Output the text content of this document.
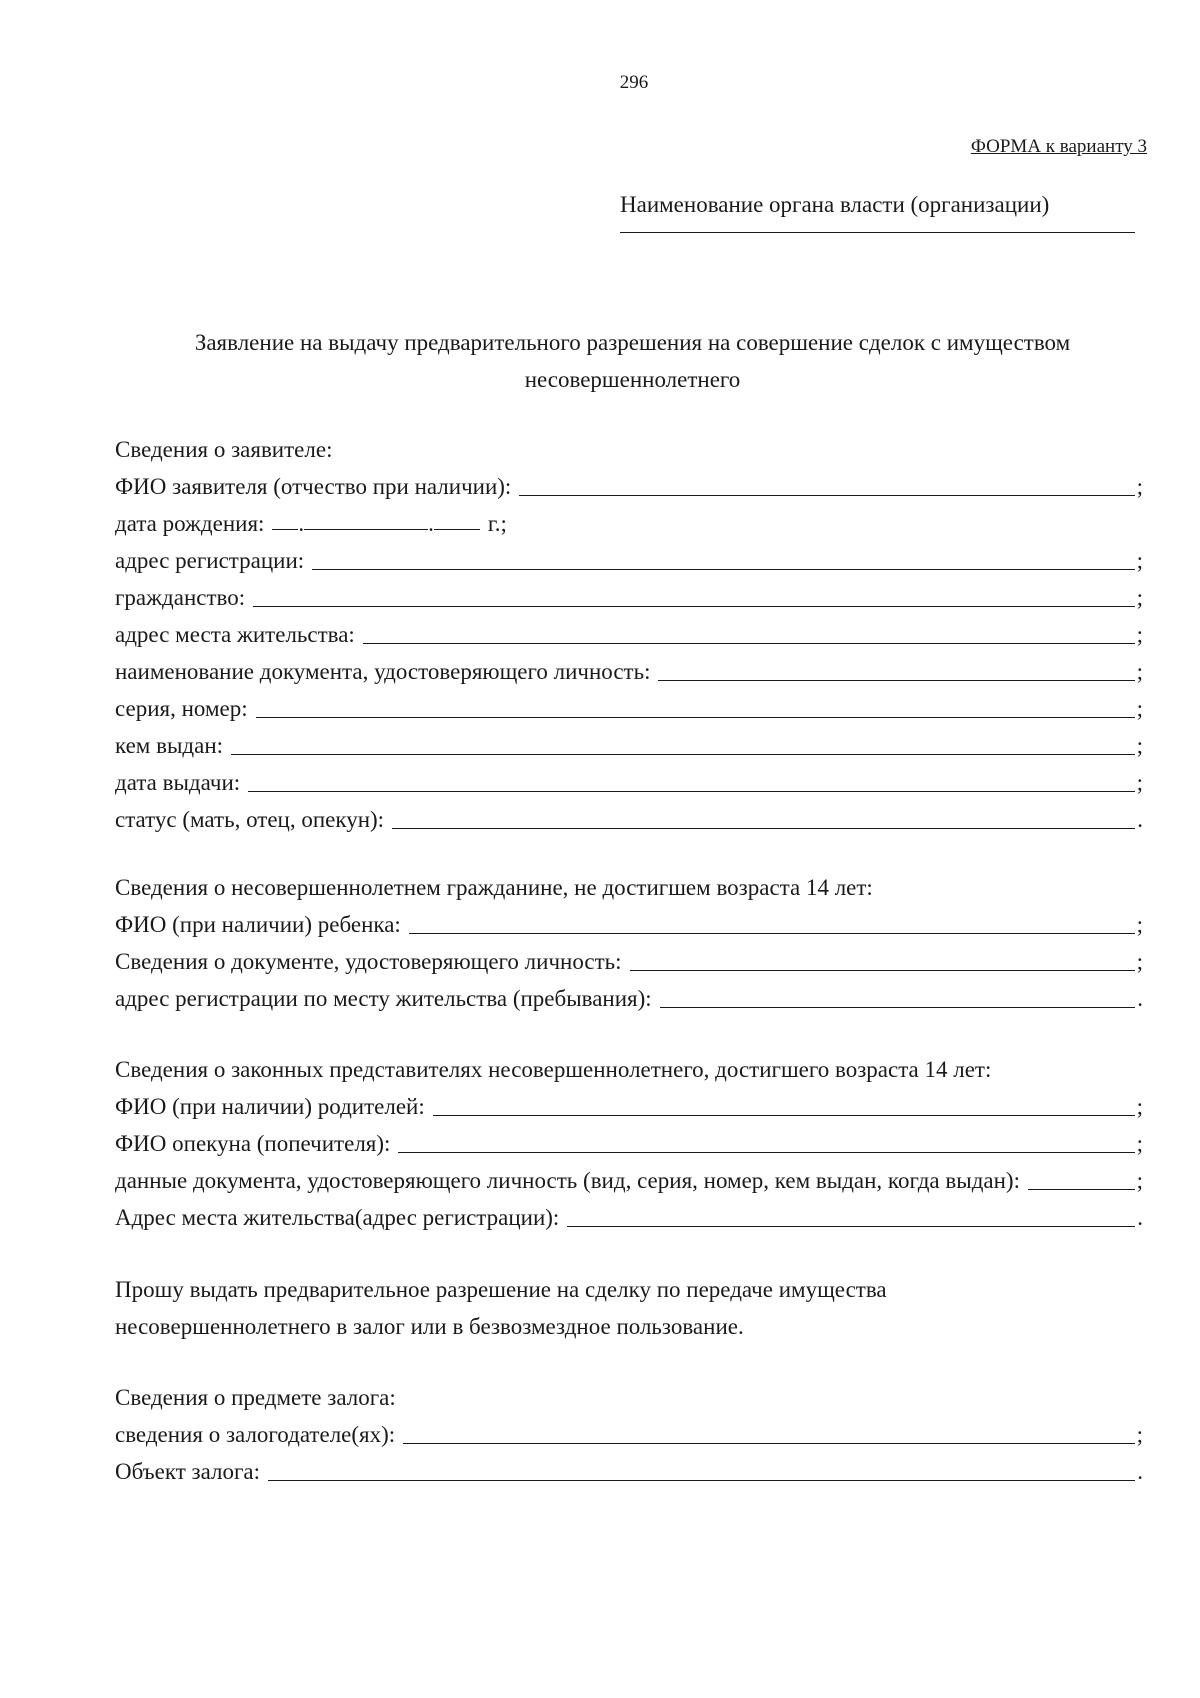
296
ФОРМА к варианту 3
Наименование органа власти (организации)
Заявление на выдачу предварительного разрешения на совершение сделок с имуществом несовершеннолетнего
Сведения о заявителе:
ФИО заявителя (отчество при наличии):	;
дата рождения: .	. г.;
адрес регистрации:	;
гражданство:	;
адрес места жительства:	;
наименование документа, удостоверяющего личность:	;
серия, номер:	;
кем выдан:	;
дата выдачи:	;
статус (мать, отец, опекун):	.
Сведения о несовершеннолетнем гражданине, не достигшем возраста 14 лет:
ФИО (при наличии) ребенка:	;
Сведения о документе, удостоверяющего личность:	;
адрес регистрации по месту жительства (пребывания):	.
Сведения о законных представителях несовершеннолетнего, достигшего возраста 14 лет:
ФИО (при наличии) родителей:	;
ФИО опекуна (попечителя):	;
данные документа, удостоверяющего личность (вид, серия, номер, кем выдан, когда выдан):	;
Адрес места жительства(адрес регистрации):	.
Прошу выдать предварительное разрешение на сделку по передаче имущества
несовершеннолетнего в залог или в безвозмездное пользование.
Сведения о предмете залога:
сведения о залогодателе(ях):	;
Объект залога:	.
